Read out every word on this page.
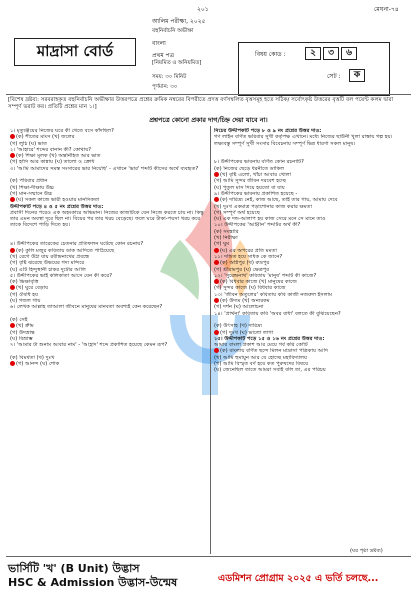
২০১	মেঘনা-৭৪
আলিম পরীক্ষা, ২০২৫
বহুনির্বাচনি অভীক্ষা
বাংলা
প্রথম পত্র
[নিয়মিত ও অনিয়মিত]
সময়: ৩০ মিনিট
পূর্ণমান: ৩০
মাদ্রাসা বোর্ড	বিষয় কোড :	২	৩	৬
সেট :	ক
[বিশেষ দ্রষ্টব্য: সরবরাহকৃত বহুনির্বাচনি অভীক্ষার উত্তরপত্রে প্রশ্নের ক্রমিক নম্বরের বিপরীতে প্রদত্ত বর্ণসম্বলিত বৃত্তসমূহ হতে সঠিক/ সর্বোৎকৃষ্ট উত্তরের বৃত্তটি বল পয়েন্ট কলম দ্বারা সম্পূর্ণ ভরাট কর। প্রতিটি প্রশ্নের মান ১।]
প্রশ্নপত্রে কোনো প্রকার দাগ/চিহ্ন দেয়া যাবে না।
১। মৃত্যুঞ্জয়ের নিজের ঘরে কী খেতে বসে কাঁদছিল?
(ক) শীতের মাংস (খ) জলের
(গ) লুচি (ঘ) ভাত
২। 'আহারে' শব্দের বানান কী? কোথায়?
(ক) শিক্ষা মূলক (খ) অন্তর্নিহিত আর ভাত
(গ) হাসি আর কান্নায় (ঘ) তালো ও ক্রোধ
৩। 'আমি আমাদের সমস্ত সংসারের ভার নিয়েছি' - এখানে 'ভার' শব্দটি কীসের অর্থে ব্যবহৃত?
(ক) পরিবার প্রধান
(খ) শিক্ষা-দীক্ষায় উচ্চ
(গ) মান-সম্মানে উচ্চ
(ঘ) সকল কাজে ভারী হওয়ার মানসিকতা
উদ্দীপকটি পড়ে ৪ ও ৫ নং প্রশ্নের উত্তর দাও:
প্রবাসী দিনের পরেও এক অহংকারে অভিমান। নিজের কাজটিকে যেন নিজে করতে চায় না। কিন্তু তার এমন অবস্থা দূরে ছিল না। বিয়ের পর তার খরচ বেড়েছে। ফলে ঘরে টাকা-পয়সা খরচ করে তাকে বিদেশে পাড়ি দিতে হয়।
৪। উদ্দীপকের তারেকের চেতনার প্রতিফলন ঘটেছে কোন রচনায়?
(ক) কুলি মজুর কবিতায় ডাক আদিতে পাঠিয়েছে
(খ) রেগে উঠা যায় রবীন্দ্রনাথের প্রবন্ধে
(গ) বৃষ্টি ঝরেছে উভয়ের গদ্য মন্দিরে
(ঘ) এটি হিন্দুস্থানী চাকর দুটোর আলি
৫। উদ্দীপকের ভাই কলিকাতা আসে যেন কী করে?
(ক) ভিক্ষাবৃত্তি
(খ) ঘুরে বেড়ায়
(গ) ঔষধি হয়
(ঘ) গজল গায়
৬। লেখক আল্লাহ তাআলা জীবনে মানুষের মানবতা অবশ্যই কেন করেছেন?
(ক) সেই
(খ) ক্রীম
(গ) উদভ্রান্ত
(ঘ) বিভ্রাম্ভ
৭। 'আমার টা শুনাম আবার নাম' - 'আহ্লাদ' শব্দে প্রকাশিত হয়েছে কেমন রূপ?
(ক) বিমর্ষতা (খ) দুঃখ
(গ) আনন্দ (ঘ) শোক
নিচের উদ্দীপকটি পড়ে ৮ ও ৯ নং প্রশ্নের উত্তর দাও:
গণ লাইন বর্ণিত ভরিবার সুখী কর্তৃপক্ষ এখানে। মধ্যে নিজের ছাউনী খুলা রাস্তায় গল্প হয়। লক্ষ্যবস্তু সম্পূর্ণ সুখী সংসার বিবেচনায় সম্পূর্ণ ভিন্ন ধারণা সকল মানুষ।
৮। উদ্দীপকের ভাবনায় বর্ণিত কোন রচনাটি?
(ক) নিজের ছেড়ে ধরনীতে ডাকিল
(খ) বৃষ্টি এলো, খাঁচা আবার খোলা
(গ) আমি সুন্দর জীবন দরবেশ হচ্ছে
(ঘ) পুতুল মাস দিয়ে হয়তো বা যায়
৯। উদ্দীপকের ভাবনায় প্রকাশিত হয়েছে -
(ক) দারিদ্র্য নেই, কাজ আছে, তাই তার গায়, আমায় দেবে
(খ) দুঃখ একমাত্র পড়াশোনার কাজ করার ক্ষমতা
(গ) সম্পূর্ণ অর্থ হয়েছে
(ঘ) এক দন্ড-আলাপ হয় কাজ সেরে মনে সে মানে তাও
১০। উদ্দীপকের 'আহ্বান' শব্দটির অর্থ কী?
(ক) সংস্কারি
(খ) নিরীক্ষা
(গ) ঘুম
(ঘ) এর অপরের প্রতি মমতা
১১। দন্ডিত হয়ে সাধক কে জানে?
(ক) অগ্নিপুর (খ) রুদ্রপুর
(গ) শ্রীরামপুর (ঘ) ক্ষেত্রপুর
১২। 'সুরেন্দ্রনাথ' কবিতায় 'মানুষ' শব্দটি কী কাজে?
(ক) বিধবার কাজে (খ) মানুষের কাজে
(গ) সুন্দর কাজে (ঘ) বিধবার কাজে
১৩। 'জীবন অতুলের' কবিতায় কবি কাজী নজরুল ইসলাম
(ক) উদ্যম (খ) অন্যরকম
(গ) দর্শন (ঘ) আলোচনা
১৪। 'প্রার্থনা' কবিতায় কবি 'অবর বাধা' বলতে কী বুঝিয়েছেন?
(ক) উৎসাহ (খ) দারিদ্র্য
(গ) দুঃখ (ঘ) ভালো লাগা
১৫। উদ্দীপকটি পড়ে ১৫ ও ১৬ নং প্রশ্নের উত্তর দাও:
আমার বাংলা প্রকাশ আর মেয়ে গর্ব করি কোটি
(ক) বাংলায় বর্ণিত ছন্দে মিলন মাদ্রাসা পত্রিকায় আদি
(খ) আমি হুমায়ুন আর যে হোচ্ছে মহাবিদ্যালয়
(গ) আমি বিস্মৃত বর্ণ হয়ে কত পুরুষদের বিষয়ে
(ঘ) জেনেছিল তাতে আমরা সবাই বলি তা, এর পরিচয়
(ঘর পৃষ্ঠা দ্রষ্টব্য)
ভার্সিটি 'খ' (B Unit) উদ্ভাস
HSC & Admission উদ্ভাস-উন্মেষ	এডমিশন প্রোগ্রাম ২০২৫ এ ভর্তি চলছে...
